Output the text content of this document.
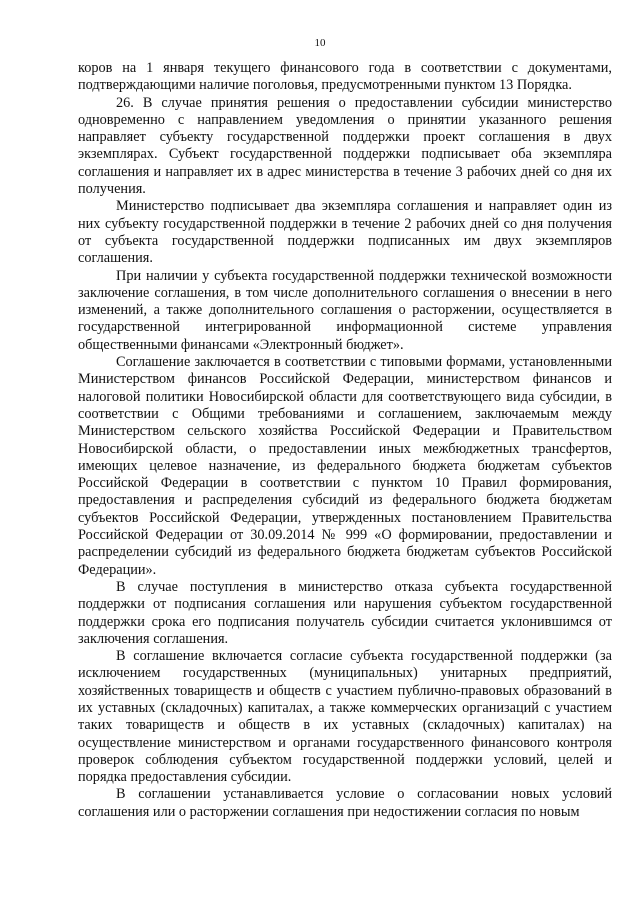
10

коров на 1 января текущего финансового года в соответствии с документами, подтверждающими наличие поголовья, предусмотренными пунктом 13 Порядка.

26. В случае принятия решения о предоставлении субсидии министерство одновременно с направлением уведомления о принятии указанного решения направляет субъекту государственной поддержки проект соглашения в двух экземплярах. Субъект государственной поддержки подписывает оба экземпляра соглашения и направляет их в адрес министерства в течение 3 рабочих дней со дня их получения.

Министерство подписывает два экземпляра соглашения и направляет один из них субъекту государственной поддержки в течение 2 рабочих дней со дня получения от субъекта государственной поддержки подписанных им двух экземпляров соглашения.

При наличии у субъекта государственной поддержки технической возможности заключение соглашения, в том числе дополнительного соглашения о внесении в него изменений, а также дополнительного соглашения о расторжении, осуществляется в государственной интегрированной информационной системе управления общественными финансами «Электронный бюджет».

Соглашение заключается в соответствии с типовыми формами, установленными Министерством финансов Российской Федерации, министерством финансов и налоговой политики Новосибирской области для соответствующего вида субсидии, в соответствии с Общими требованиями и соглашением, заключаемым между Министерством сельского хозяйства Российской Федерации и Правительством Новосибирской области, о предоставлении иных межбюджетных трансфертов, имеющих целевое назначение, из федерального бюджета бюджетам субъектов Российской Федерации в соответствии с пунктом 10 Правил формирования, предоставления и распределения субсидий из федерального бюджета бюджетам субъектов Российской Федерации, утвержденных постановлением Правительства Российской Федерации от 30.09.2014 № 999 «О формировании, предоставлении и распределении субсидий из федерального бюджета бюджетам субъектов Российской Федерации».

В случае поступления в министерство отказа субъекта государственной поддержки от подписания соглашения или нарушения субъектом государственной поддержки срока его подписания получатель субсидии считается уклонившимся от заключения соглашения.

В соглашение включается согласие субъекта государственной поддержки (за исключением государственных (муниципальных) унитарных предприятий, хозяйственных товариществ и обществ с участием публично-правовых образований в их уставных (складочных) капиталах, а также коммерческих организаций с участием таких товариществ и обществ в их уставных (складочных) капиталах) на осуществление министерством и органами государственного финансового контроля проверок соблюдения субъектом государственной поддержки условий, целей и порядка предоставления субсидии.

В соглашении устанавливается условие о согласовании новых условий соглашения или о расторжении соглашения при недостижении согласия по новым
